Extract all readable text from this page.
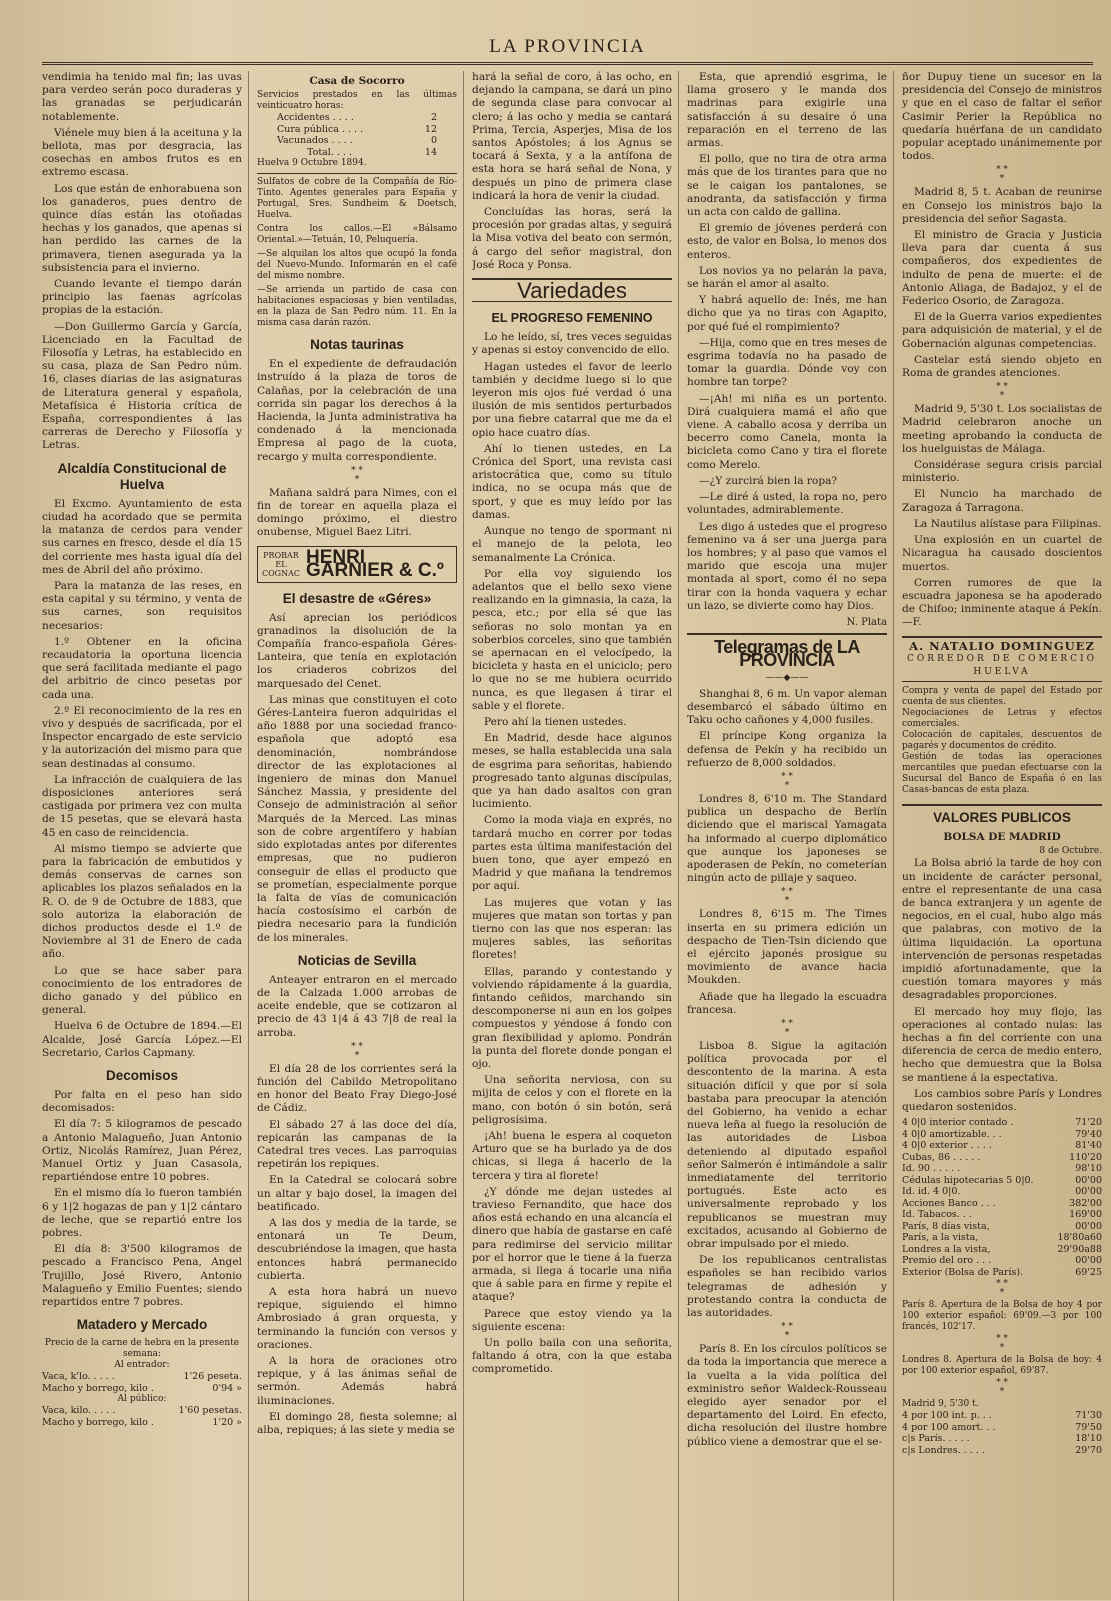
LA PROVINCIA

vendimia ha tenido mal fin; las uvas para verdeo serán poco duraderas y las granadas se perjudicarán notablemente.

Viénele muy bien á la aceituna y la bellota, mas por desgracia, las cosechas en ambos frutos es en extremo escasa.

Los que están de enhorabuena son los ganaderos, pues dentro de quince días están las otoñadas hechas y los ganados, que apenas si han perdido las carnes de la primavera, tienen asegurada ya la subsistencia para el invierno.

Cuando levante el tiempo darán principio las faenas agrícolas propias de la estación.

—Don Guillermo García y García, Licenciado en la Facultad de Filosofía y Letras, ha establecido en su casa, plaza de San Pedro núm. 16, clases diarias de las asignaturas de Literatura general y española, Metafísica é Historia crítica de España, correspondientes á las carreras de Derecho y Filosofía y Letras.

Alcaldía Constitucional de Huelva

El Excmo. Ayuntamiento de esta ciudad ha acordado que se permita la matanza de cerdos para vender sus carnes en fresco, desde el día 15 del corriente mes hasta igual día del mes de Abril del año próximo.

Para la matanza de las reses, en esta capital y su término, y venta de sus carnes, son requisitos necesarios:

1.º Obtener en la oficina recaudatoria la oportuna licencia que será facilitada mediante el pago del arbitrio de cinco pesetas por cada una.

2.º El reconocimiento de la res en vivo y después de sacrificada, por el Inspector encargado de este servicio y la autorización del mismo para que sean destinadas al consumo.

La infracción de cualquiera de las disposiciones anteriores será castigada por primera vez con multa de 15 pesetas, que se elevará hasta 45 en caso de reincidencia.

Al mismo tiempo se advierte que para la fabricación de embutidos y demás conservas de carnes son aplicables los plazos señalados en la R. O. de 9 de Octubre de 1883, que solo autoriza la elaboración de dichos productos desde el 1.º de Noviembre al 31 de Enero de cada año.

Lo que se hace saber para conocimiento de los entradores de dicho ganado y del público en general.

Huelva 6 de Octubre de 1894.—El Alcalde, José García López.—El Secretario, Carlos Capmany.

Decomisos

Por falta en el peso han sido decomisados:

El día 7: 5 kilogramos de pescado a Antonio Malagueño, Juan Antonio Ortiz, Nicolás Ramírez, Juan Pérez, Manuel Ortiz y Juan Casasola, repartiéndose entre 10 pobres.

En el mismo día lo fueron también 6 y 1|2 hogazas de pan y 1|2 cántaro de leche, que se repartió entre los pobres.

El día 8: 3'500 kilogramos de pescado a Francisco Pena, Angel Trujillo, José Rivero, Antonio Malagueño y Emilio Fuentes; siendo repartidos entre 7 pobres.

Matadero y Mercado
Precio de la carne de hebra en la presente semana:
Al entrador:
Vaca, k'lo. . . . .	1'26 peseta.
Macho y borrego, kilo .	0'94 »
Al público:
Vaca, kilo. . . . .	1'60 pesetas.
Macho y borrego, kilo .	1'20 »
Casa de Socorro
Servicios prestados en las últimas veinticuatro horas:
Accidentes . . . .	2
Cura pública . . . .	12
Vacunados . . . .	0
Total. . . .	14
Huelva 9 Octubre 1894.
Sulfatos de cobre de la Compañía de Río-Tinto. Agentes generales para España y Portugal, Sres. Sundheim & Doetsch, Huelva.
Contra los callos.—El «Bálsamo Oriental.»—Tetuán, 10, Peluquería.
—Se alquilan los altos que ocupó la fonda del Nuevo-Mundo. Informarán en el café del mismo nombre.
—Se arrienda un partido de casa con habitaciones espaciosas y bien ventiladas, en la plaza de San Pedro núm. 11. En la misma casa darán razón.
Notas taurinas

En el expediente de defraudación instruído á la plaza de toros de Calañas, por la celebración de una corrida sin pagar los derechos á la Hacienda, la Junta administrativa ha condenado á la mencionada Empresa al pago de la cuota, recargo y multa correspondiente.

* *
*

Mañana saldrá para Nimes, con el fin de torear en aquella plaza el domingo próximo, el diestro onubense, Miguel Baez Litri.

PROBAR
EL
COGNAC
HENRI GARNIER & C.º
El desastre de «Géres»

Así aprecian los periódicos granadinos la disolución de la Compañía franco-española Géres-Lanteira, que tenía en explotación los criaderos cobrizos del marquesado del Cenet.

Las minas que constituyen el coto Géres-Lanteira fueron adquiridas el año 1888 por una sociedad franco-española que adoptó esa denominación, nombrándose director de las explotaciones al ingeniero de minas don Manuel Sánchez Massia, y presidente del Consejo de administración al señor Marqués de la Merced. Las minas son de cobre argentífero y habían sido explotadas antes por diferentes empresas, que no pudieron conseguir de ellas el producto que se prometían, especialmente porque la falta de vías de comunicación hacía costosísimo el carbón de piedra necesario para la fundición de los minerales.

Noticias de Sevilla

Anteayer entraron en el mercado de la Calzada 1.000 arrobas de aceite endeble, que se cotizaron al precio de 43 1|4 á 43 7|8 de real la arroba.

* *
*

El día 28 de los corrientes será la función del Cabildo Metropolitano en honor del Beato Fray Diego-José de Cádiz.

El sábado 27 á las doce del día, repicarán las campanas de la Catedral tres veces. Las parroquias repetirán los repiques.

En la Catedral se colocará sobre un altar y bajo dosel, la imagen del beatificado.

A las dos y media de la tarde, se entonará un Te Deum, descubriéndose la imagen, que hasta entonces habrá permanecido cubierta.

A esta hora habrá un nuevo repique, siguiendo el himno Ambrosiado á gran orquesta, y terminando la función con versos y oraciones.

A la hora de oraciones otro repique, y á las ánimas señal de sermón. Además habrá iluminaciones.

El domingo 28, fiesta solemne; al alba, repiques; á las siete y media se

hará la señal de coro, á las ocho, en dejando la campana, se dará un pino de segunda clase para convocar al clero; á las ocho y media se cantará Prima, Tercia, Asperjes, Misa de los santos Apóstoles; á los Agnus se tocará á Sexta, y a la antífona de esta hora se hará señal de Nona, y después un pino de primera clase indicará la hora de venir la ciudad.

Concluídas las horas, será la procesión por gradas altas, y seguirá la Misa votiva del beato con sermón, á cargo del señor magistral, don José Roca y Ponsa.

Variedades
EL PROGRESO FEMENINO

Lo he leído, sí, tres veces seguidas y apenas si estoy convencido de ello.

Hagan ustedes el favor de leerlo también y decidme luego si lo que leyeron mis ojos fué verdad ó una ilusión de mis sentidos perturbados por una fiebre catarral que me da el opio hace cuatro días.

Ahí lo tienen ustedes, en La Crónica del Sport, una revista casi aristocrática que, como su título indica, no se ocupa más que de sport, y que es muy leído por las damas.

Aunque no tengo de spormant ni el manejo de la pelota, leo semanalmente La Crónica.

Por ella voy siguiendo los adelantos que el bello sexo viene realizando en la gimnasia, la caza, la pesca, etc.; por ella sé que las señoras no solo montan ya en soberbios corceles, sino que también se apernacan en el velocípedo, la bicicleta y hasta en el uniciclo; pero lo que no se me hubiera ocurrido nunca, es que llegasen á tirar el sable y el florete.

Pero ahí la tienen ustedes.

En Madrid, desde hace algunos meses, se halla establecida una sala de esgrima para señoritas, habiendo progresado tanto algunas discípulas, que ya han dado asaltos con gran lucimiento.

Como la moda viaja en exprés, no tardará mucho en correr por todas partes esta última manifestación del buen tono, que ayer empezó en Madrid y que mañana la tendremos por aquí.

Las mujeres que votan y las mujeres que matan son tortas y pan tierno con las que nos esperan: las mujeres sables, las señoritas floretes!

Ellas, parando y contestando y volviendo rápidamente á la guardia, fintando ceñidos, marchando sin descomponerse ni aun en los golpes compuestos y yéndose á fondo con gran flexibilidad y aplomo. Pondrán la punta del florete donde pongan el ojo.

Una señorita nerviosa, con su mijita de celos y con el florete en la mano, con botón ó sin botón, será peligrosísima.

¡Ah! buena le espera al coqueton Arturo que se ha burlado ya de dos chicas, si llega á hacerlo de la tercera y tira al florete!

¿Y dónde me dejan ustedes al travieso Fernandito, que hace dos años está echando en una alcancía el dinero que había de gastarse en café para redimirse del servicio militar por el horror que le tiene á la fuerza armada, si llega á tocarle una niña que á sable para en firme y repite el ataque?

Parece que estoy viendo ya la siguiente escena:

Un pollo baila con una señorita, faltando á otra, con la que estaba comprometido.

Esta, que aprendió esgrima, le llama grosero y le manda dos madrinas para exigirle una satisfacción á su desaire ó una reparación en el terreno de las armas.

El pollo, que no tira de otra arma más que de los tirantes para que no se le caigan los pantalones, se anodranta, da satisfacción y firma un acta con caldo de gallina.

El gremio de jóvenes perderá con esto, de valor en Bolsa, lo menos dos enteros.

Los novios ya no pelarán la pava, se harán el amor al asalto.

Y habrá aquello de: Inés, me han dicho que ya no tiras con Agapito, por qué fué el rompimiento?

—Hija, como que en tres meses de esgrima todavía no ha pasado de tomar la guardia. Dónde voy con hombre tan torpe?

—¡Ah! mi niña es un portento. Dirá cualquiera mamá el año que viene. A caballo acosa y derriba un becerro como Canela, monta la bicicleta como Cano y tira el florete como Merelo.

—¿Y zurcirá bien la ropa?

—Le diré á usted, la ropa no, pero voluntades, admirablemente.

Les digo á ustedes que el progreso femenino va á ser una juerga para los hombres; y al paso que vamos el marido que escoja una mujer montada al sport, como él no sepa tirar con la honda vaquera y echar un lazo, se divierte como hay Dios.

N. Plata
Telegramas de LA PROVINCIA
——◆——

Shanghai 8, 6 m. Un vapor aleman desembarcó el sábado último en Taku ocho cañones y 4,000 fusiles.

El príncipe Kong organiza la defensa de Pekín y ha recibido un refuerzo de 8,000 soldados.

* *
*

Londres 8, 6'10 m. The Standard publica un despacho de Berlín diciendo que el mariscal Yamagata ha informado al cuerpo diplomático que aunque los japoneses se apoderasen de Pekín, no cometerían ningún acto de pillaje y saqueo.

* *
*

Londres 8, 6'15 m. The Times inserta en su primera edición un despacho de Tien-Tsin diciendo que el ejército japonés prosigue su movimiento de avance hacia Moukden.

Añade que ha llegado la escuadra francesa.

* *
*

Lisboa 8. Sigue la agitación política provocada por el descontento de la marina. A esta situación difícil y que por sí sola bastaba para preocupar la atención del Gobierno, ha venido a echar nueva leña al fuego la resolución de las autoridades de Lisboa deteniendo al diputado español señor Salmerón é intimándole a salir inmediatamente del territorio portugués. Este acto es universalmente reprobado y los republicanos se muestran muy excitados, acusando al Gobierno de obrar impulsado por el miedo.

De los republicanos centralistas españoles se han recibido varios telegramas de adhesión y protestando contra la conducta de las autoridades.

* *
*

París 8. En los círculos políticos se da toda la importancia que merece a la vuelta a la vida política del exministro señor Waldeck-Rousseau elegido ayer senador por el departamento del Loird. En efecto, dicha resolución del ilustre hombre público viene a demostrar que el se-

ñor Dupuy tiene un sucesor en la presidencia del Consejo de ministros y que en el caso de faltar el señor Casimir Perier la República no quedaría huérfana de un candidato popular aceptado unánimemente por todos.

* *
*

Madrid 8, 5 t. Acaban de reunirse en Consejo los ministros bajo la presidencia del señor Sagasta.

El ministro de Gracia y Justicia lleva para dar cuenta á sus compañeros, dos expedientes de indulto de pena de muerte: el de Antonio Aliaga, de Badajoz, y el de Federico Osorio, de Zaragoza.

El de la Guerra varios expedientes para adquisición de material, y el de Gobernación algunas competencias.

Castelar está siendo objeto en Roma de grandes atenciones.

* *
*

Madrid 9, 5'30 t. Los socialistas de Madrid celebraron anoche un meeting aprobando la conducta de los huelguistas de Málaga.

Considérase segura crisis parcial ministerio.

El Nuncio ha marchado de Zaragoza á Tarragona.

La Nautilus alístase para Filipinas.

Una explosión en un cuartel de Nicaragua ha causado doscientos muertos.

Corren rumores de que la escuadra japonesa se ha apoderado de Chifoo; inminente ataque á Pekín.—F.

A. NATALIO DOMINGUEZ
CORREDOR DE COMERCIO
HUELVA
Compra y venta de papel del Estado por cuenta de sus clientes.
Negociaciones de Letras y efectos comerciales.
Colocación de capitales, descuentos de pagarés y documentos de crédito.
Gestión de todas las operaciones mercantiles que puedan efectuarse con la Sucursal del Banco de España ó en las Casas-bancas de esta plaza.
VALORES PUBLICOS
BOLSA DE MADRID
8 de Octubre.

La Bolsa abrió la tarde de hoy con un incidente de carácter personal, entre el representante de una casa de banca extranjera y un agente de negocios, en el cual, hubo algo más que palabras, con motivo de la última liquidación. La oportuna intervención de personas respetadas impidió afortunadamente, que la cuestión tomara mayores y más desagradables proporciones.

El mercado hoy muy flojo, las operaciones al contado nulas: las hechas a fin del corriente con una diferencia de cerca de medio entero, hecho que demuestra que la Bolsa se mantiene á la espectativa.

Los cambios sobre París y Londres quedaron sostenidos.

4 0|0 interior contado .	71'20
4 0|0 amortizable. . .	79'40
4 0|0 exterior . . . .	81'40
Cubas, 86 . . . . .	110'20
Id. 90 . . . . .	98'10
Cédulas hipotecarias 5 0|0.	00'00
Id. id. 4 0|0.	00'00
Acciones Banco . . .	382'00
Id. Tabacos. . .	169'00
París, 8 días vista,	00'00
París, a la vista,	18'80a60
Londres a la vista,	29'90a88
Premio del oro . . .	00'00
Exterior (Bolsa de París).	69'25
* *
*
París 8. Apertura de la Bolsa de hoy 4 por 100 exterior español: 69'09.—3 por 100 francés, 102'17.
* *
*
Londres 8. Apertura de la Bolsa de hoy: 4 por 100 exterior español, 69'87.
* *
*
Madrid 9, 5'30 t.
4 por 100 int. p. . .	71'30
4 por 100 amort. . .	79'50
c|s París. . . . .	18'10
c|s Londres. . . . .	29'70
